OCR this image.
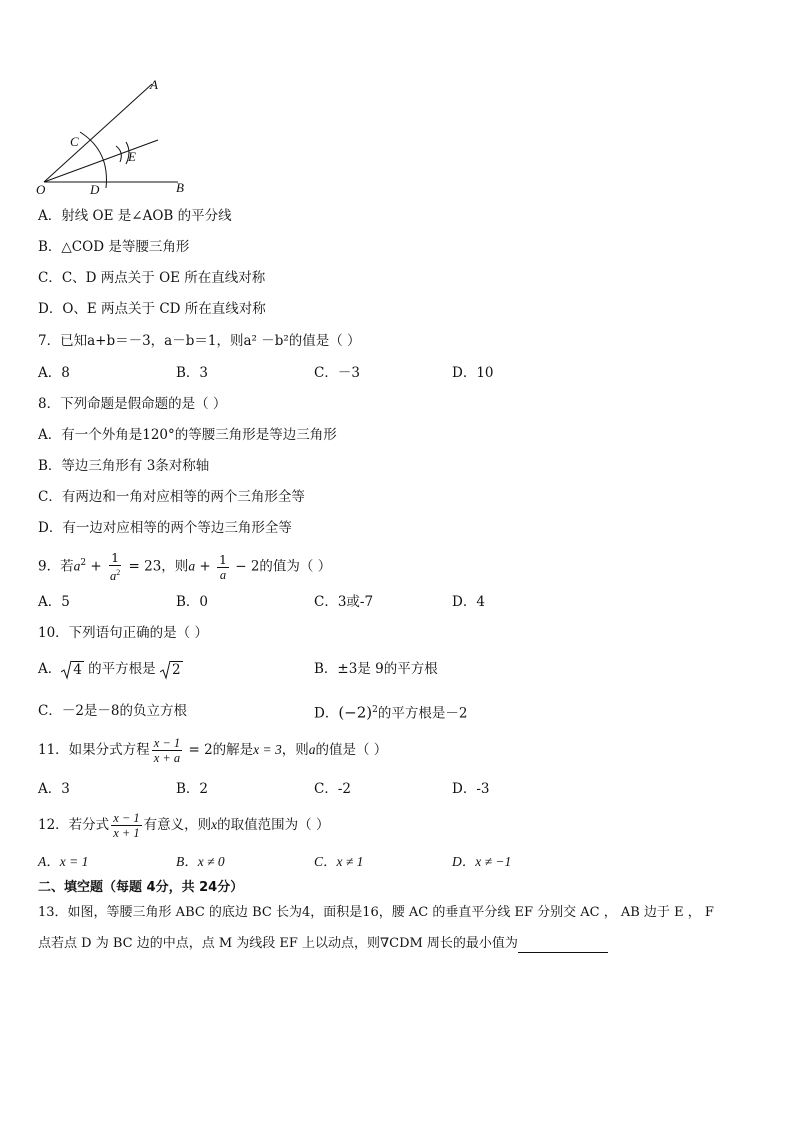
A
C
E
O	D	B
A．射线 OE 是∠AOB 的平分线
B．△COD 是等腰三角形
C．C、D 两点关于 OE 所在直线对称
D．O、E 两点关于 CD 所在直线对称
7．已知a+b＝－3，a－b＝1，则a² －b²的值是（ ）
A．8	B．3	C．－3	D．10
8．下列命题是假命题的是（ ）
A．有一个外角是120°的等腰三角形是等边三角形
B．等边三角形有 3条对称轴
C．有两边和一角对应相等的两个三角形全等
D．有一边对应相等的两个等边三角形全等
9．若$a^2 + \frac{1}{a^2} = 23$，则$a + \frac{1}{a} - 2$的值为（ ）
A．5	B．0	C．3或-7	D．4
10．下列语句正确的是（ ）
A． 4 的平方根是 2	B．±3是 9的平方根
C．－2是－8的负立方根	D．$(-2)^2$的平方根是－2
11．如果分式方程 $\frac{x - 1}{x + a} = 2$的解是x = 3，则a的值是（ ）
A．3	B．2	C．-2	D．-3
12．若分式 $\frac{x - 1}{x + 1}$ 有意义，则x的取值范围为（ ）
A．x = 1	B．x ≠ 0	C．x ≠ 1	D．x ≠ −1
二、填空题（每题 4分，共 24分）
13．如图，等腰三角形 ABC 的底边 BC 长为4，面积是16，腰 AC 的垂直平分线 EF 分别交 AC ， AB 边于 E ， F
点若点 D 为 BC 边的中点，点 M 为线段 EF 上以动点，则∇CDM 周长的最小值为
